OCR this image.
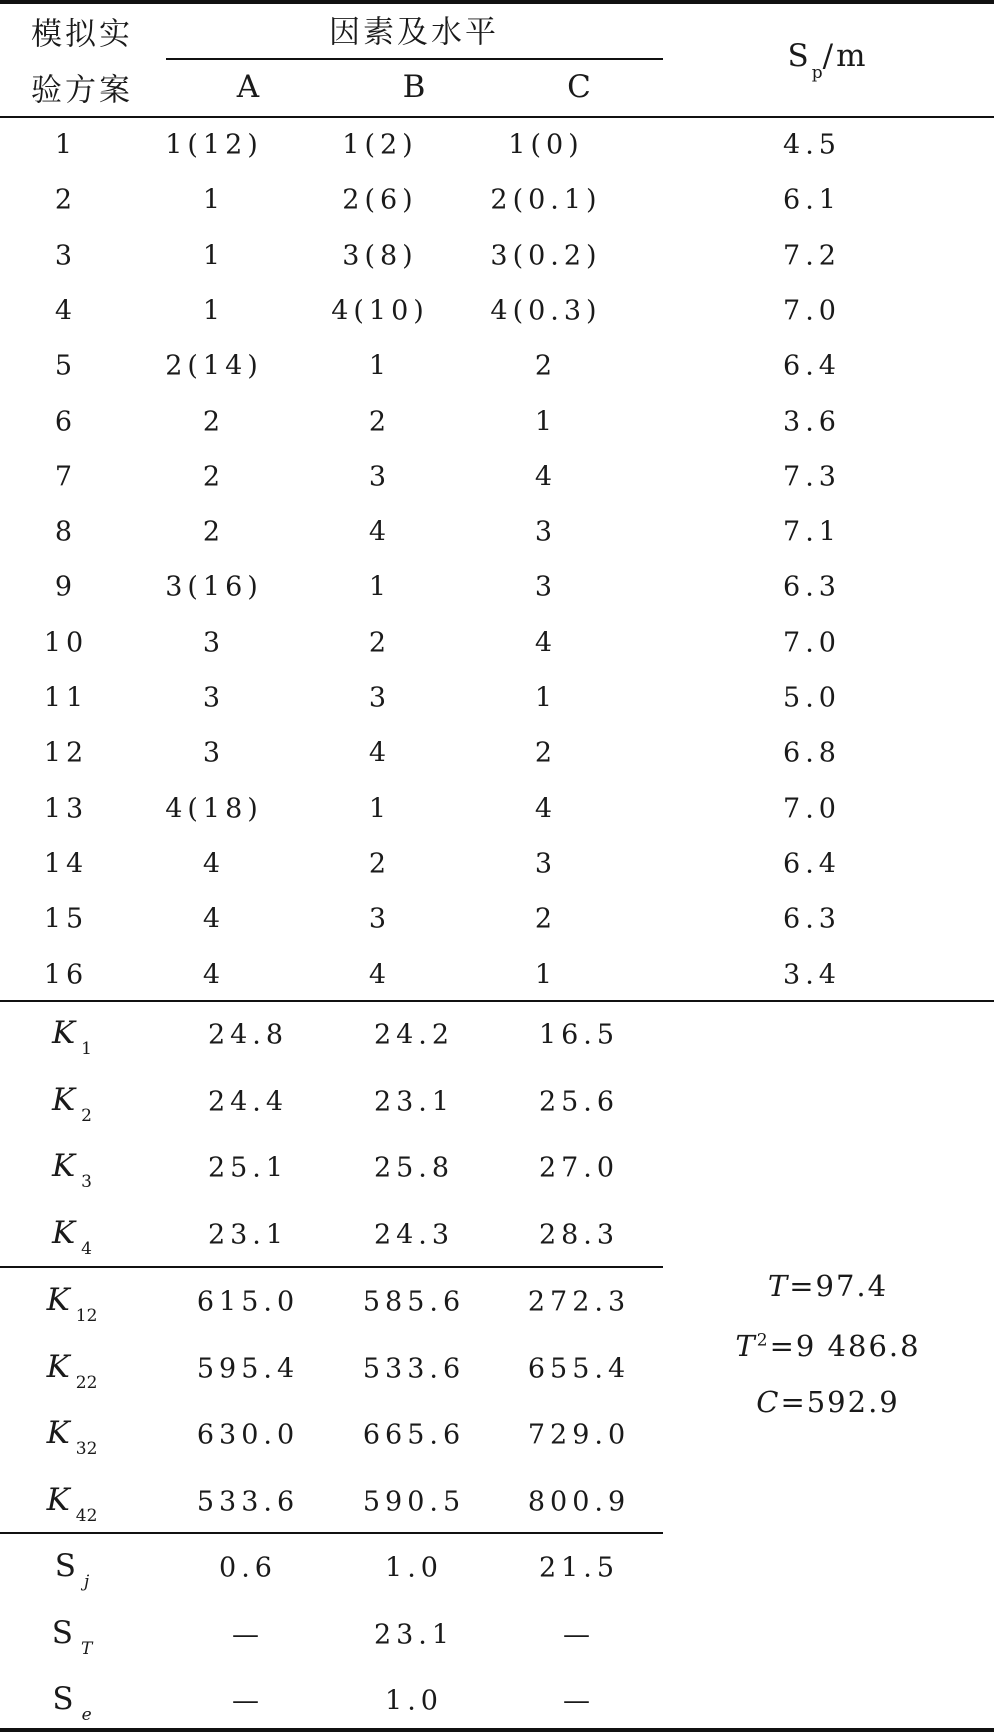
模拟实
验方案
因素及水平
A	B	C
S $_p$/m
1	1(12)	1(2)	1(0)	4.5
2	1	2(6)	2(0.1)	6.1
3	1	3(8)	3(0.2)	7.2
4	1	4(10) 4(0.3)	7.0
5	2(14)	1	2	6.4
6	2	2	1	3.6
7	2	3	4	7.3
8	2	4	3	7.1
9	3(16)	1	3	6.3
10	3	2	4	7.0
11	3	3	1	5.0
12	3	4	2	6.8
13	4(18)	1	4	7.0
14	4	2	3	6.4
15	4	3	2	6.3
16	4	4	1	3.4
K $_1$	24.8	24.2	16.5
K $_2$	24.4	23.1	25.6
K $_3$	25.1	25.8	27.0
K $_4$	23.1	24.3	28.3
K $_{12}$	615.0 585.6 272.3
K $_{22}$	595.4 533.6 655.4
K $_{32}$	630.0 665.6 729.0
K $_{42}$	533.6 590.5 800.9
S $_j$	0.6	1.0	21.5
S $_T$	—	23.1	—
S $_e$	—	1.0	—
T=97.4
$T^2=9$ 486.8
C=592.9
